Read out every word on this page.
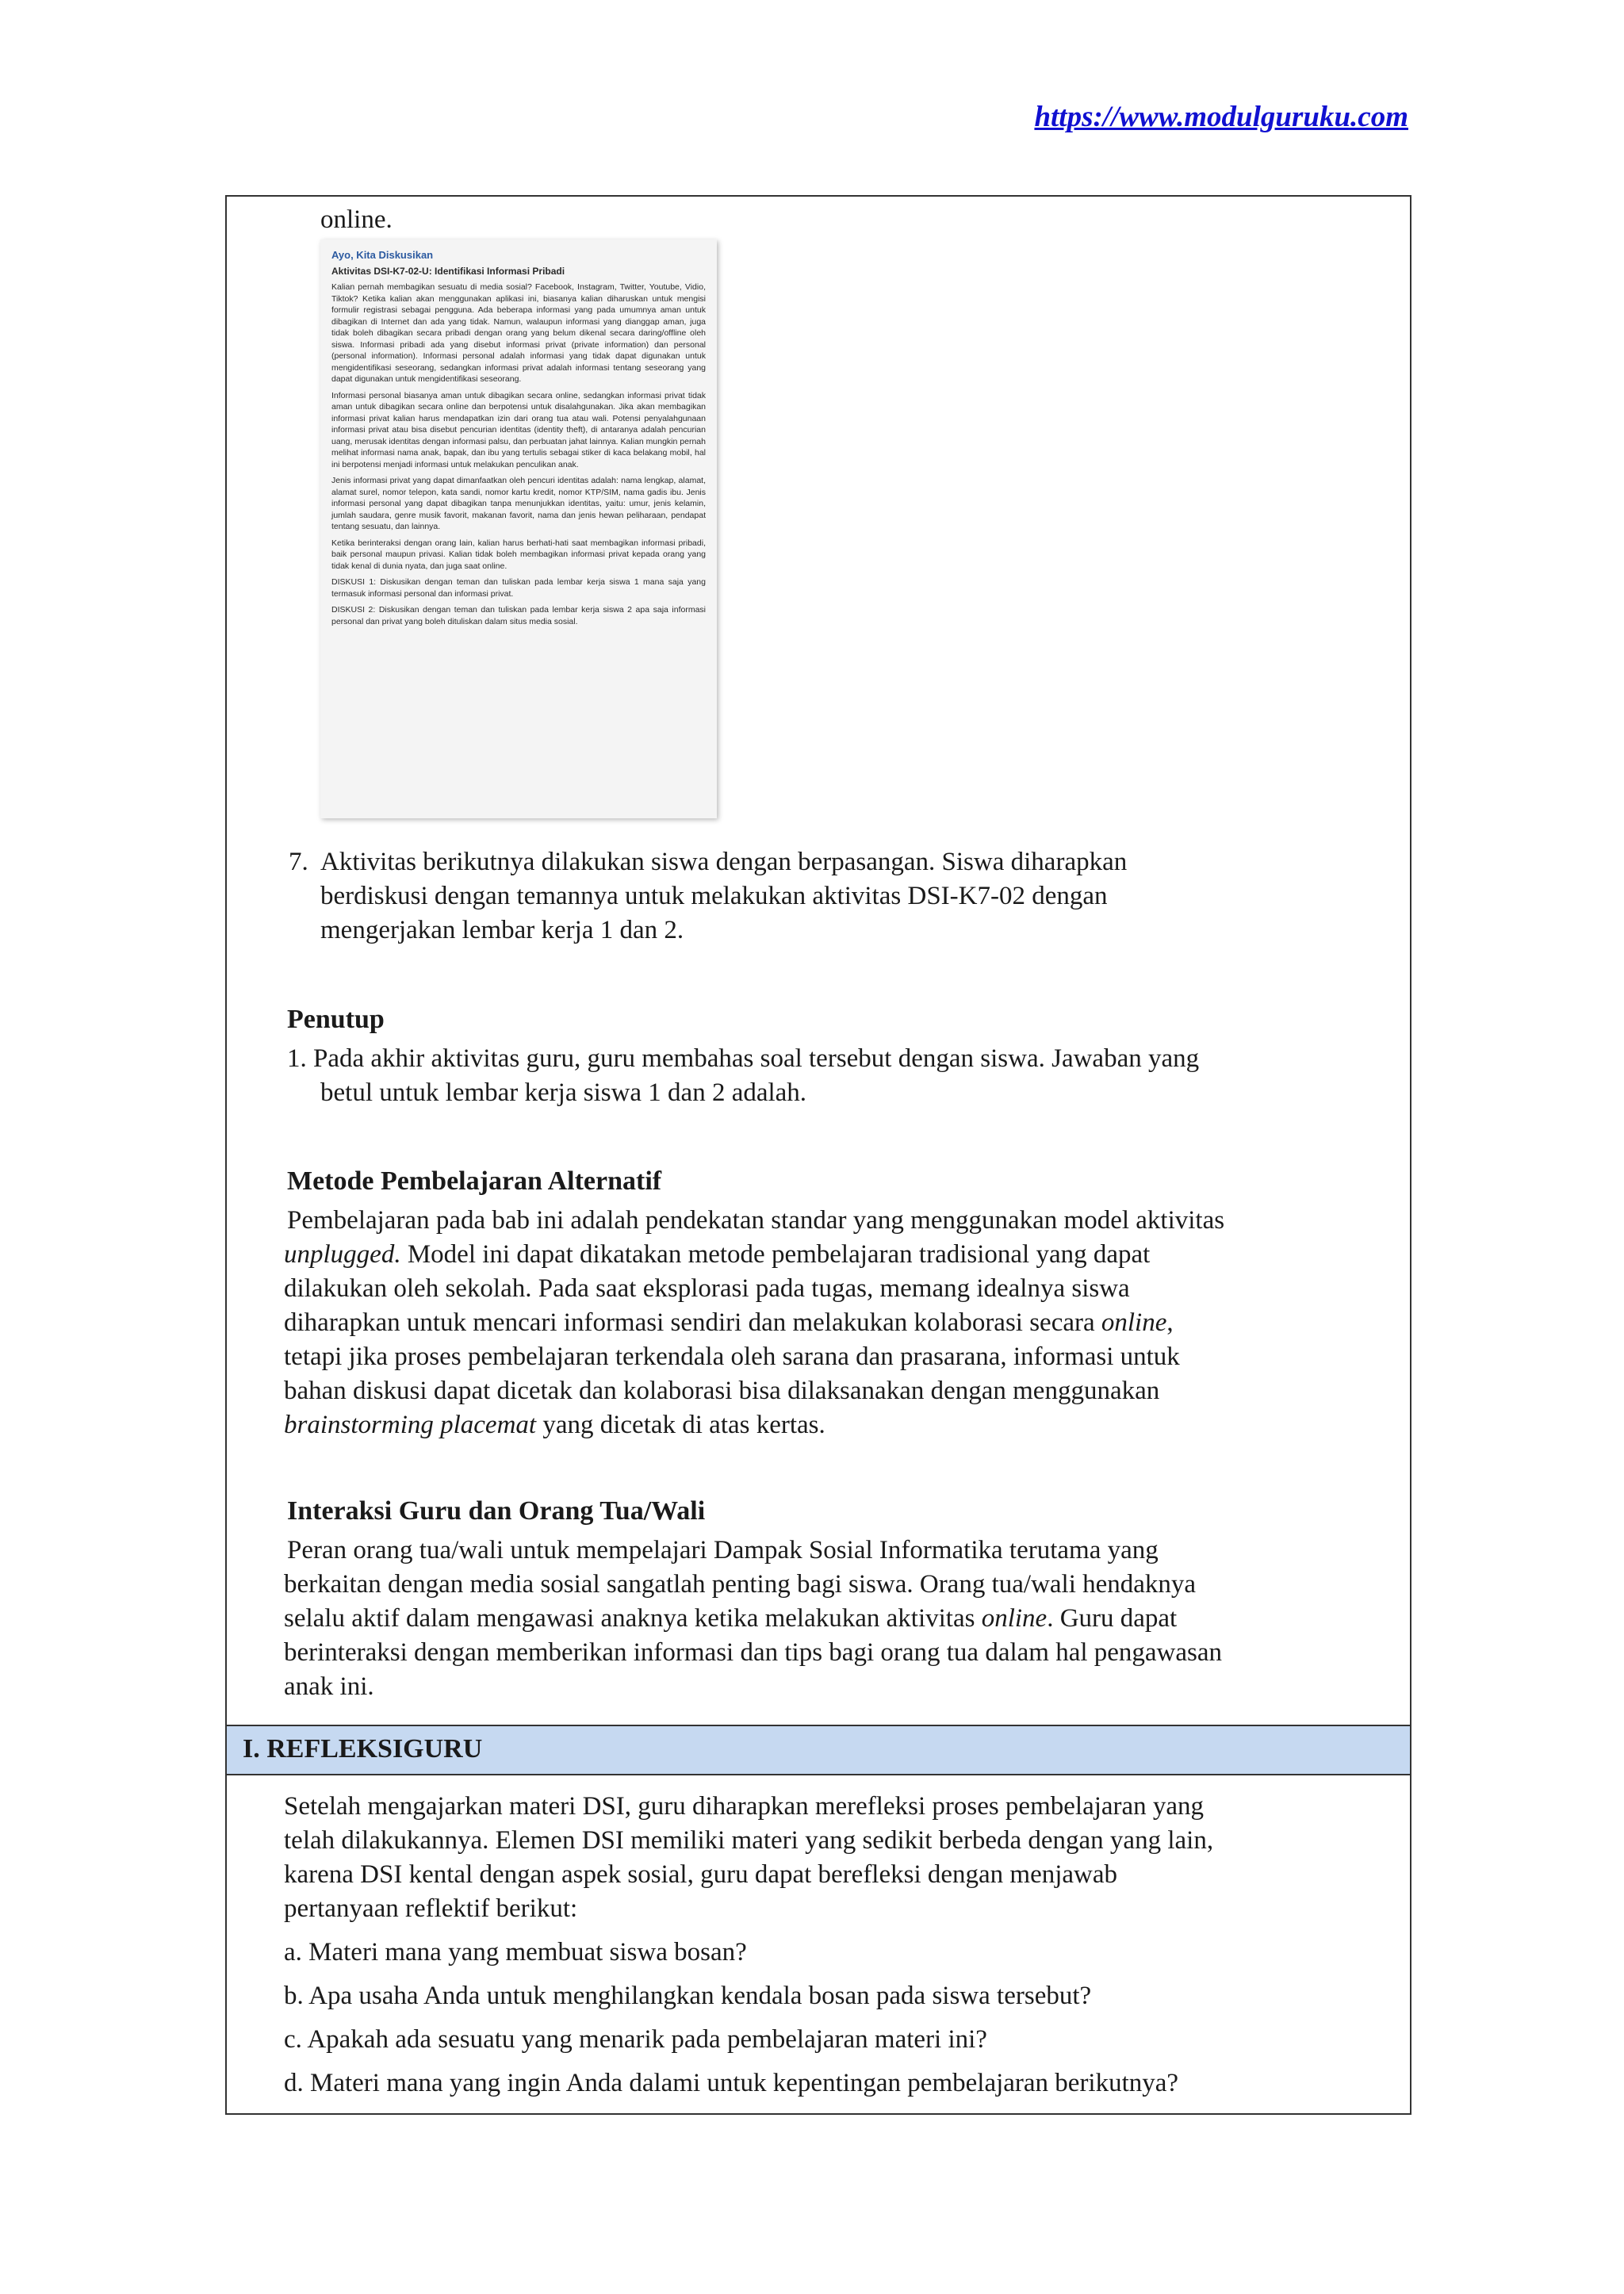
https://www.modulguruku.com
online.
7. Aktivitas berikutnya dilakukan siswa dengan berpasangan. Siswa diharapkan
berdiskusi dengan temannya untuk melakukan aktivitas DSI-K7-02 dengan
mengerjakan lembar kerja 1 dan 2.
Penutup
1. Pada akhir aktivitas guru, guru membahas soal tersebut dengan siswa. Jawaban yang
betul untuk lembar kerja siswa 1 dan 2 adalah.
Metode Pembelajaran Alternatif
Pembelajaran pada bab ini adalah pendekatan standar yang menggunakan model aktivitas
unplugged. Model ini dapat dikatakan metode pembelajaran tradisional yang dapat
dilakukan oleh sekolah. Pada saat eksplorasi pada tugas, memang idealnya siswa
diharapkan untuk mencari informasi sendiri dan melakukan kolaborasi secara online,
tetapi jika proses pembelajaran terkendala oleh sarana dan prasarana, informasi untuk
bahan diskusi dapat dicetak dan kolaborasi bisa dilaksanakan dengan menggunakan
brainstorming placemat yang dicetak di atas kertas.
Interaksi Guru dan Orang Tua/Wali
Peran orang tua/wali untuk mempelajari Dampak Sosial Informatika terutama yang
berkaitan dengan media sosial sangatlah penting bagi siswa. Orang tua/wali hendaknya
selalu aktif dalam mengawasi anaknya ketika melakukan aktivitas online. Guru dapat
berinteraksi dengan memberikan informasi dan tips bagi orang tua dalam hal pengawasan
anak ini.
I. REFLEKSIGURU
Setelah mengajarkan materi DSI, guru diharapkan merefleksi proses pembelajaran yang
telah dilakukannya. Elemen DSI memiliki materi yang sedikit berbeda dengan yang lain,
karena DSI kental dengan aspek sosial, guru dapat berefleksi dengan menjawab
pertanyaan reflektif berikut:
a. Materi mana yang membuat siswa bosan?
b. Apa usaha Anda untuk menghilangkan kendala bosan pada siswa tersebut?
c. Apakah ada sesuatu yang menarik pada pembelajaran materi ini?
d. Materi mana yang ingin Anda dalami untuk kepentingan pembelajaran berikutnya?
Ayo, Kita Diskusikan
Aktivitas DSI-K7-02-U: Identifikasi Informasi Pribadi

Kalian pernah membagikan sesuatu di media sosial? Facebook, Instagram, Twitter, Youtube, Vidio, Tiktok? Ketika kalian akan menggunakan aplikasi ini, biasanya kalian diharuskan untuk mengisi formulir registrasi sebagai pengguna. Ada beberapa informasi yang pada umumnya aman untuk dibagikan di Internet dan ada yang tidak. Namun, walaupun informasi yang dianggap aman, juga tidak boleh dibagikan secara pribadi dengan orang yang belum dikenal secara daring/offline oleh siswa. Informasi pribadi ada yang disebut informasi privat (private information) dan personal (personal information). Informasi personal adalah informasi yang tidak dapat digunakan untuk mengidentifikasi seseorang, sedangkan informasi privat adalah informasi tentang seseorang yang dapat digunakan untuk mengidentifikasi seseorang.

Informasi personal biasanya aman untuk dibagikan secara online, sedangkan informasi privat tidak aman untuk dibagikan secara online dan berpotensi untuk disalahgunakan. Jika akan membagikan informasi privat kalian harus mendapatkan izin dari orang tua atau wali. Potensi penyalahgunaan informasi privat atau bisa disebut pencurian identitas (identity theft), di antaranya adalah pencurian uang, merusak identitas dengan informasi palsu, dan perbuatan jahat lainnya. Kalian mungkin pernah melihat informasi nama anak, bapak, dan ibu yang tertulis sebagai stiker di kaca belakang mobil, hal ini berpotensi menjadi informasi untuk melakukan penculikan anak.

Jenis informasi privat yang dapat dimanfaatkan oleh pencuri identitas adalah: nama lengkap, alamat, alamat surel, nomor telepon, kata sandi, nomor kartu kredit, nomor KTP/SIM, nama gadis ibu. Jenis informasi personal yang dapat dibagikan tanpa menunjukkan identitas, yaitu: umur, jenis kelamin, jumlah saudara, genre musik favorit, makanan favorit, nama dan jenis hewan peliharaan, pendapat tentang sesuatu, dan lainnya.

Ketika berinteraksi dengan orang lain, kalian harus berhati-hati saat membagikan informasi pribadi, baik personal maupun privasi. Kalian tidak boleh membagikan informasi privat kepada orang yang tidak kenal di dunia nyata, dan juga saat online.

DISKUSI 1: Diskusikan dengan teman dan tuliskan pada lembar kerja siswa 1 mana saja yang termasuk informasi personal dan informasi privat.

DISKUSI 2: Diskusikan dengan teman dan tuliskan pada lembar kerja siswa 2 apa saja informasi personal dan privat yang boleh dituliskan dalam situs media sosial.
